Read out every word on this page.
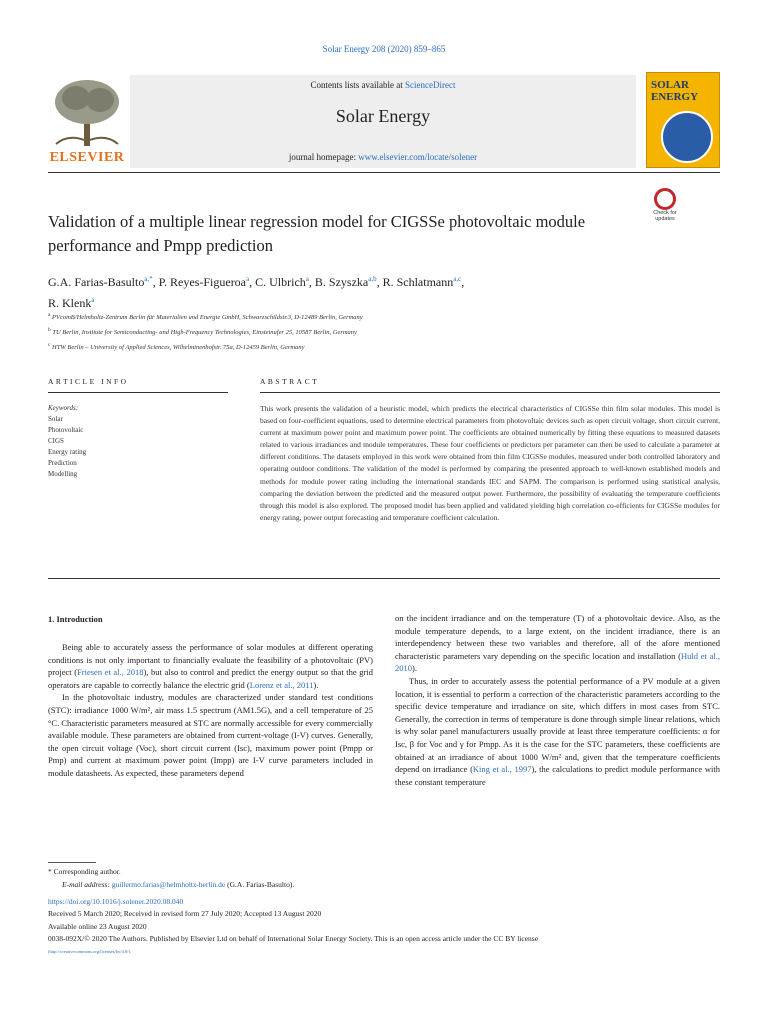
Solar Energy 208 (2020) 859–865
ELSEVIER
Contents lists available at ScienceDirect
Solar Energy
journal homepage: www.elsevier.com/locate/solener
SOLAR
ENERGY
Validation of a multiple linear regression model for CIGSSe photovoltaic module performance and Pmpp prediction
Check for
updates
G.A. Farias-Basulto$^{a,*}$, P. Reyes-Figueroa$^a$, C. Ulbrich$^a$, B. Szyszka$^{a,b}$, R. Schlatmann$^{a,c}$,
R. Klenk$^a$
$^a$ PVcomB/Helmholtz-Zentrum Berlin für Materialien und Energie GmbH, Schwarzschildstr.3, D-12489 Berlin, Germany
$^b$ TU Berlin, Institute for Semiconducting- and High-Frequency Technologies, Einsteinufer 25, 10587 Berlin, Germany
$^c$ HTW Berlin – University of Applied Sciences, Wilhelminenhofstr. 75a, D-12459 Berlin, Germany
ARTICLE INFO	ABSTRACT
Keywords:
Solar
Photovoltaic
CIGS
Energy rating
Prediction
Modelling
This work presents the validation of a heuristic model, which predicts the electrical characteristics of CIGSSe thin film solar modules. This model is based on four-coefficient equations, used to determine electrical parameters from photovoltaic devices such as open circuit voltage, short circuit current, current at maximum power point and maximum power point. The coefficients are obtained numerically by fitting these equations to measured datasets related to various irradiances and module temperatures. These four coefficients or predictors per parameter can then be used to calculate a parameter at different conditions. The datasets employed in this work were obtained from thin film CIGSSe modules, measured under both controlled laboratory and operating outdoor conditions. The validation of the model is performed by comparing the presented approach to well-known established models and methods for module power rating including the international standards IEC and SAPM. The comparison is performed using statistical analysis, comparing the deviation between the predicted and the measured output power. Furthermore, the possibility of evaluating the temperature coefficients through this model is also explored. The proposed model has been applied and validated yielding high correlation co-efficients for CIGSSe modules for energy rating, power output forecasting and temperature coefficient calculation.
1. Introduction

Being able to accurately assess the performance of solar modules at different operating conditions is not only important to financially evaluate the feasibility of a photovoltaic (PV) project (Friesen et al., 2018), but also to control and predict the energy output so that the grid operators are capable to correctly balance the electric grid (Lorenz et al., 2011).

In the photovoltaic industry, modules are characterized under standard test conditions (STC): irradiance 1000 W/m², air mass 1.5 spectrum (AM1.5G), and a cell temperature of 25 °C. Characteristic parameters measured at STC are normally accessible for every commercially available module. These parameters are obtained from current-voltage (I-V) curves. Generally, the open circuit voltage (Voc), short circuit current (Isc), maximum power point (Pmpp or Pmp) and current at maximum power point (Impp) are I-V curve parameters included in module datasheets. As expected, these parameters depend

on the incident irradiance and on the temperature (T) of a photovoltaic device. Also, as the module temperature depends, to a large extent, on the incident irradiance, there is an interdependency between these two variables and therefore, all of the afore mentioned characteristic parameters vary depending on the specific location and installation (Huld et al., 2010).

Thus, in order to accurately assess the potential performance of a PV module at a given location, it is essential to perform a correction of the characteristic parameters according to the specific device temperature and irradiance on site, which differs in most cases from STC. Generally, the correction in terms of temperature is done through simple linear relations, which is why solar panel manufacturers usually provide at least three temperature coefficients: α for Isc, β for Voc and γ for Pmpp. As it is the case for the STC parameters, these coefficients are obtained at an irradiance of about 1000 W/m² and, given that the temperature coefficients depend on irradiance (King et al., 1997), the calculations to predict module performance with these constant temperature

* Corresponding author.
E-mail address: guillermo.farias@helmholtz-berlin.de (G.A. Farias-Basulto).
https://doi.org/10.1016/j.solener.2020.08.040
Received 5 March 2020; Received in revised form 27 July 2020; Accepted 13 August 2020
Available online 23 August 2020
0038-092X/© 2020 The Authors. Published by Elsevier Ltd on behalf of International Solar Energy Society. This is an open access article under the CC BY license
(http://creativecommons.org/licenses/by/4.0/).
